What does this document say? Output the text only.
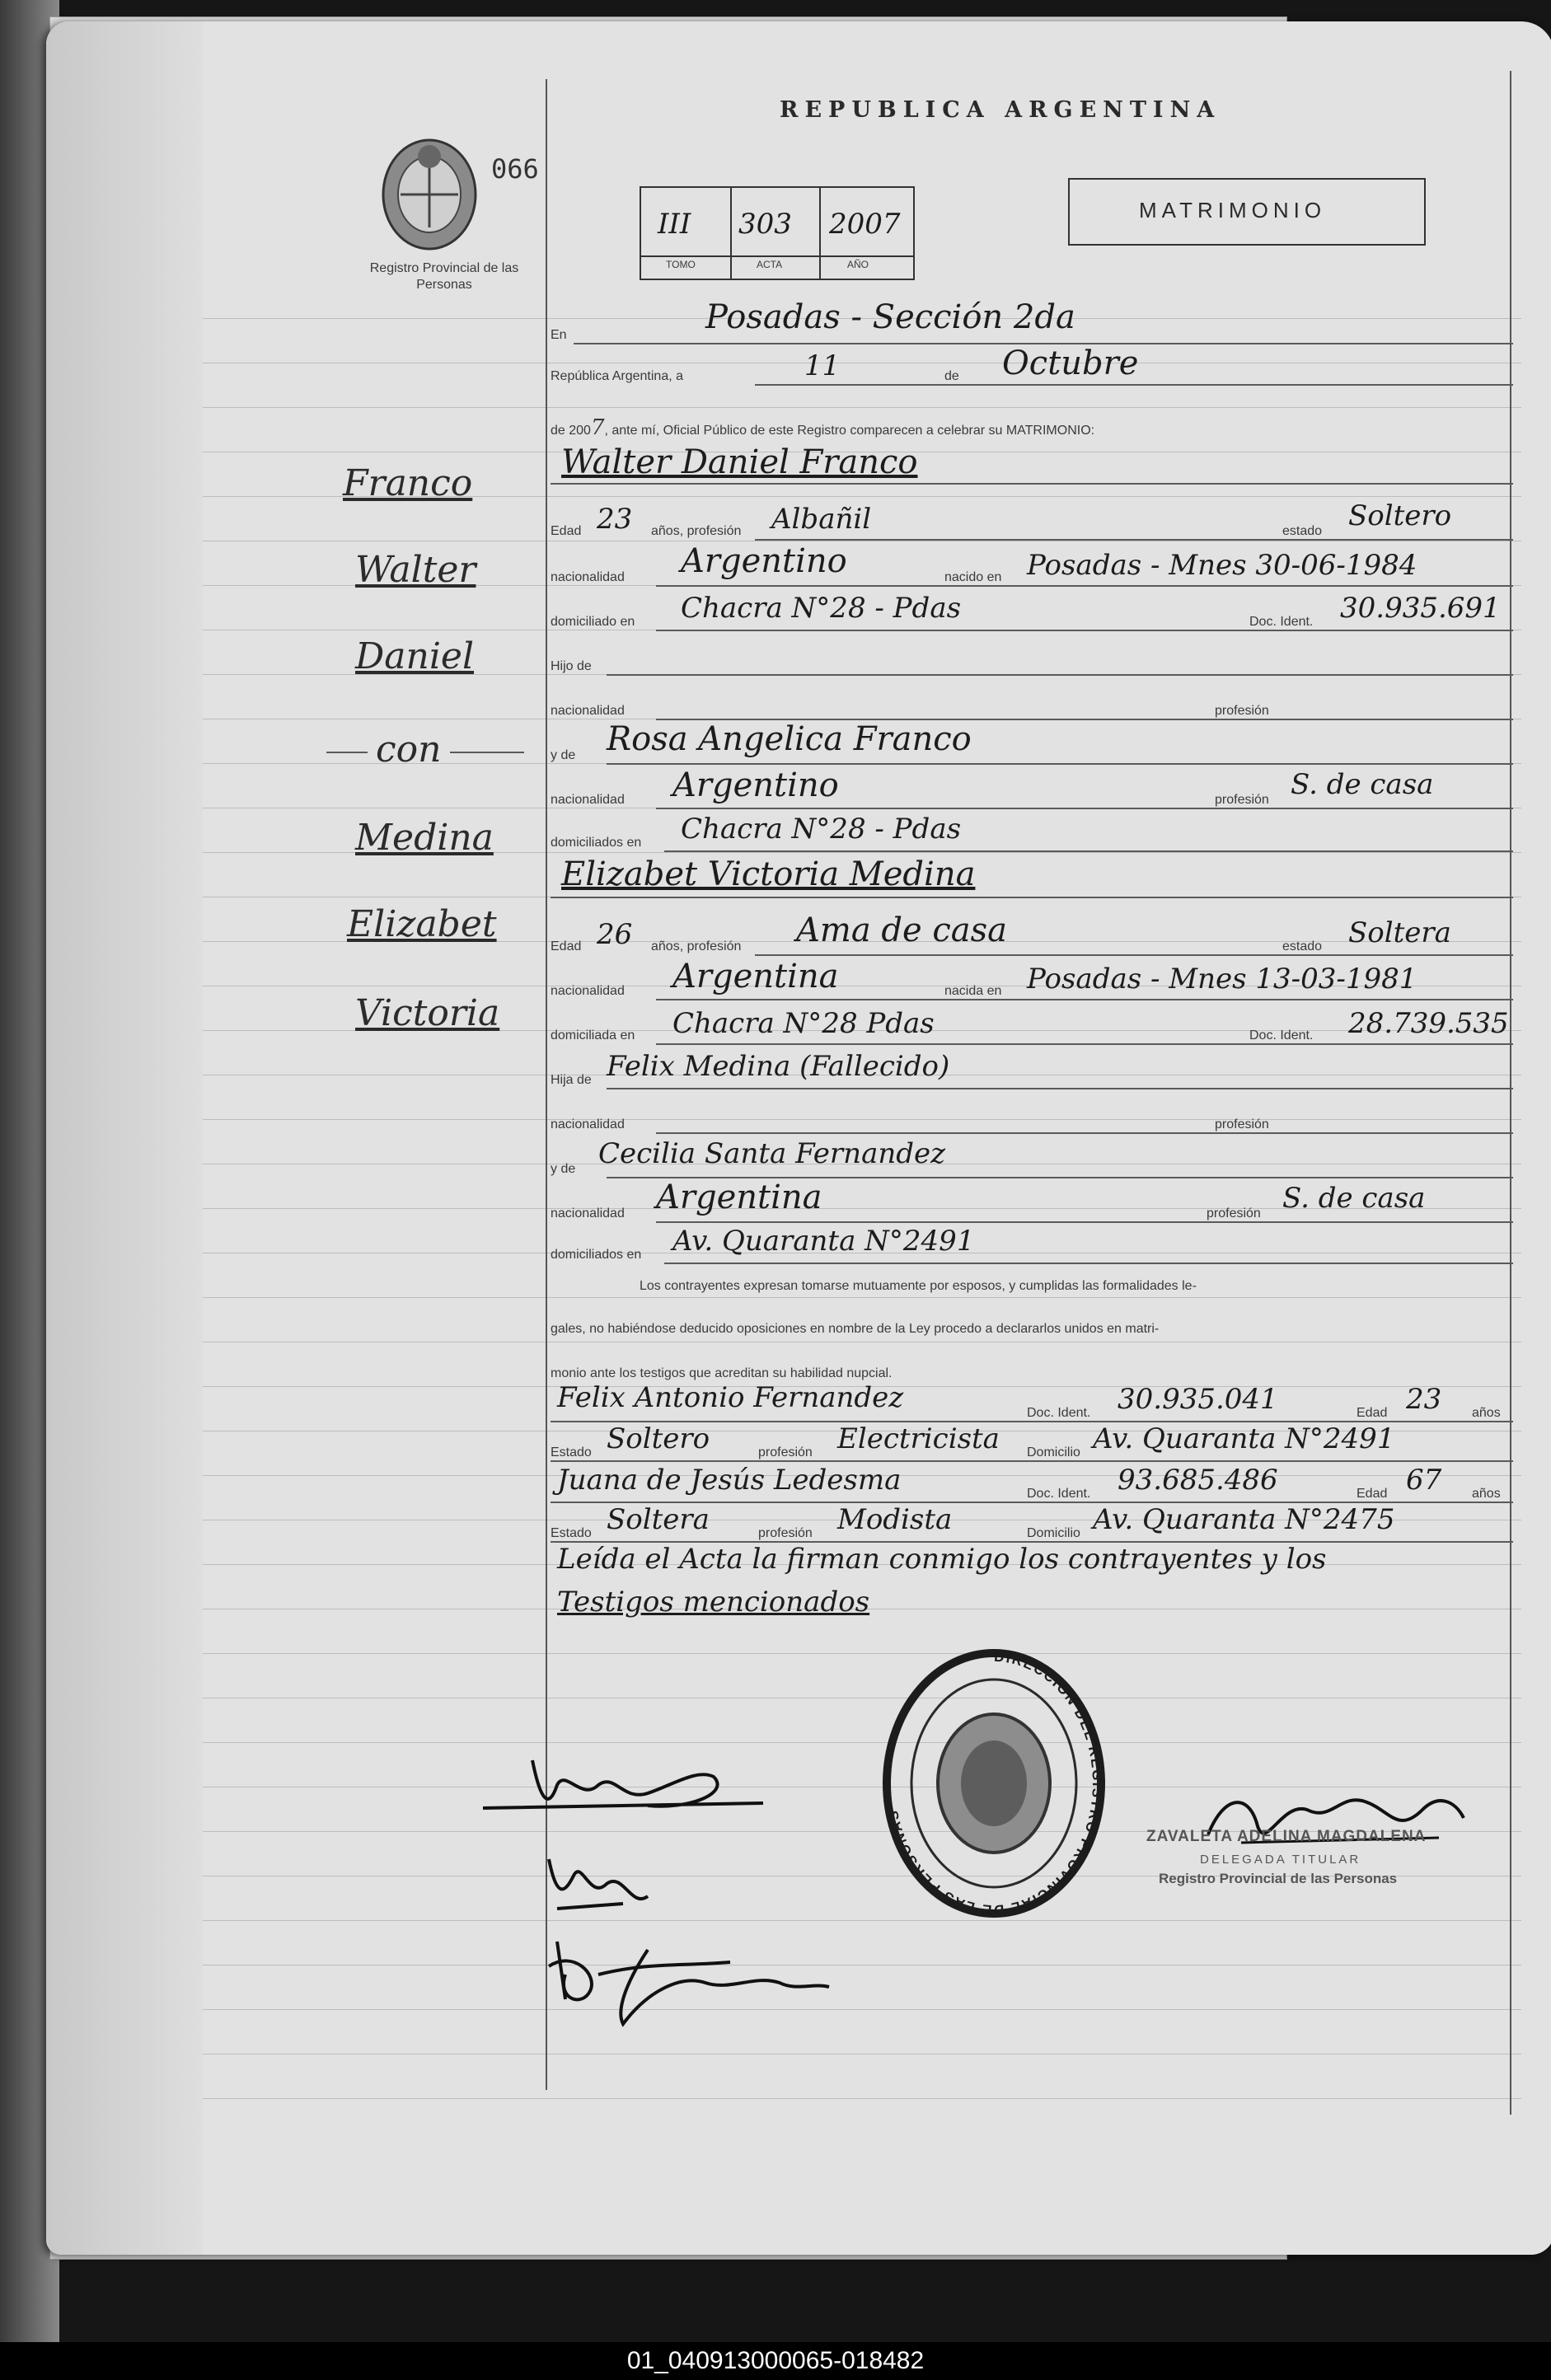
REPUBLICA ARGENTINA
MATRIMONIO
066
Registro Provincial de las Personas
III 303 2007
TOMO	ACTA	AÑO
Franco
Walter
Daniel
con
Medina
Elizabet
Victoria
En	Posadas - Sección 2da
República Argentina, a	11	de Octubre
de 2007, ante mí, Oficial Público de este Registro comparecen a celebrar su MATRIMONIO:
Walter Daniel Franco
Edad 23 años, profesión Albañil	estado Soltero
nacionalidad Argentino	nacido en Posadas - Mnes 30-06-1984
domiciliado en Chacra N°28 - Pdas	Doc. Ident. 30.935.691
Hijo de
nacionalidad	profesión
y de Rosa Angelica Franco
nacionalidad Argentino	profesión S. de casa
domiciliados en Chacra N°28 - Pdas
Elizabet Victoria Medina
Edad 26 años, profesión Ama de casa	estado Soltera
nacionalidad Argentina	nacida en Posadas - Mnes 13-03-1981
domiciliada en Chacra N°28 Pdas	Doc. Ident. 28.739.535
Hija de Felix Medina (Fallecido)
nacionalidad	profesión
y de Cecilia Santa Fernandez
nacionalidad Argentina	profesión S. de casa
domiciliados en Av. Quaranta N°2491
Los contrayentes expresan tomarse mutuamente por esposos, y cumplidas las formalidades le-
gales, no habiéndose deducido oposiciones en nombre de la Ley procedo a declararlos unidos en matri-
monio ante los testigos que acreditan su habilidad nupcial.
Felix Antonio Fernandez	Doc. Ident. 30.935.041	Edad 23 años
Estado Soltero	profesión Electricista Domicilio Av. Quaranta N°2491
Juana de Jesús Ledesma	Doc. Ident. 93.685.486	Edad 67 años
Estado Soltera	profesión Modista	Domicilio Av. Quaranta N°2475
Leída el Acta la firman conmigo los contrayentes y los
Testigos mencionados
DIRECCION DEL REGISTRO PROVINCIAL DE LAS PERSONAS
ZAVALETA ADELINA MAGDALENA
DELEGADA TITULAR
Registro Provincial de las Personas
01_040913000065-018482
